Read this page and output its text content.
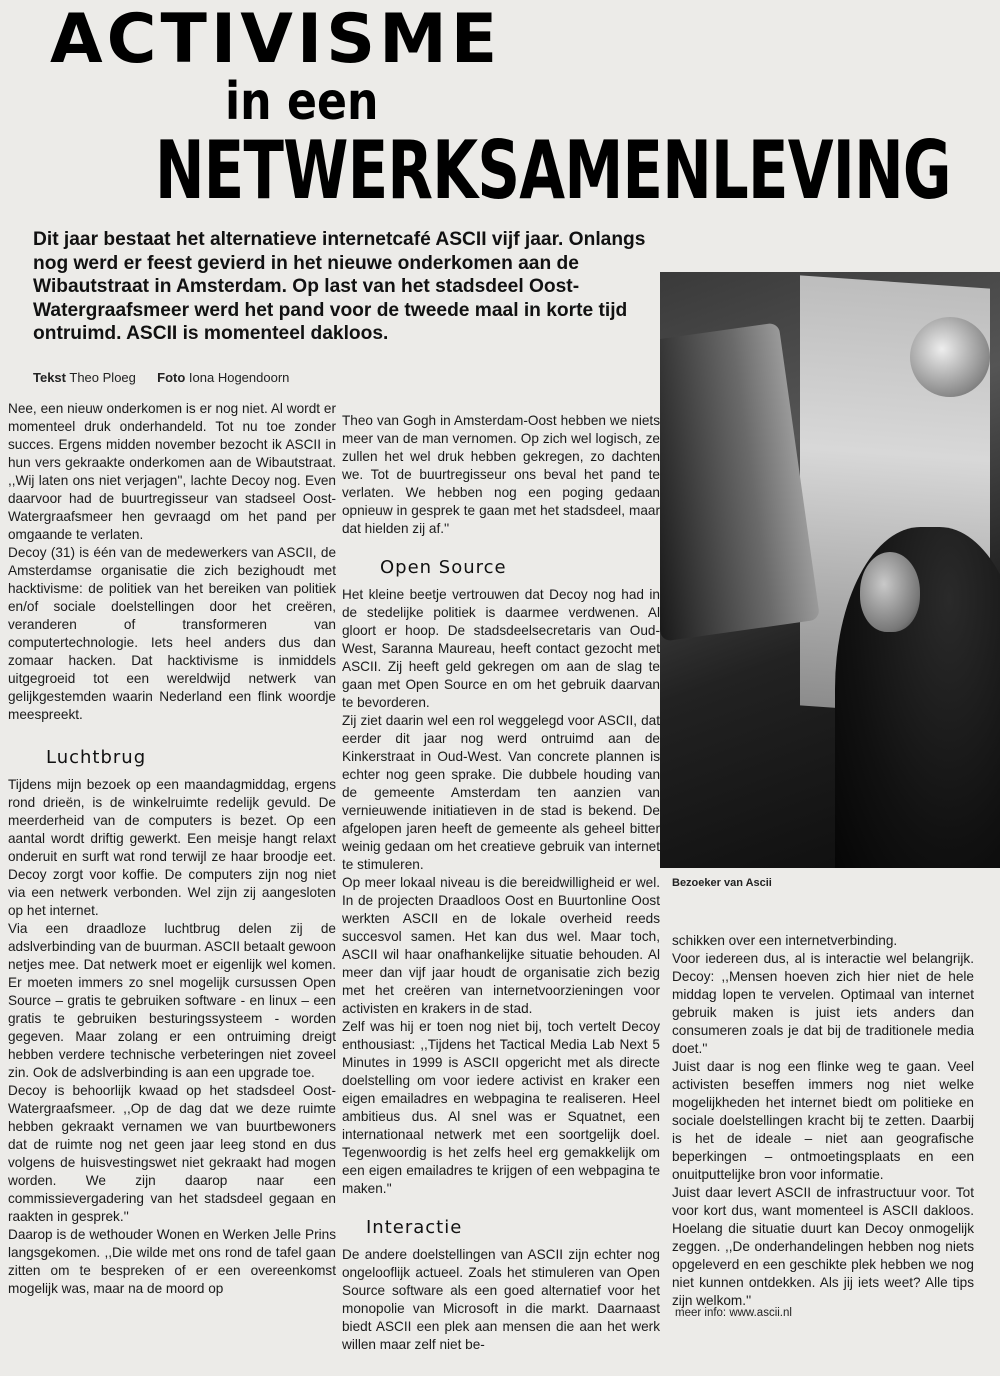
ACTIVISME
in een
NETWERKSAMENLEVING
Dit jaar bestaat het alternatieve internetcafé ASCII vijf jaar. Onlangs nog werd er feest gevierd in het nieuwe onderkomen aan de Wibautstraat in Amsterdam. Op last van het stadsdeel Oost-Watergraafsmeer werd het pand voor de tweede maal in korte tijd ontruimd. ASCII is momenteel dakloos.
Tekst Theo Ploeg Foto Iona Hogendoorn
Bezoeker van Ascii

Nee, een nieuw onderkomen is er nog niet. Al wordt er momenteel druk onderhandeld. Tot nu toe zonder succes. Ergens midden november bezocht ik ASCII in hun vers gekraakte onderkomen aan de Wibautstraat. ,,Wij laten ons niet verjagen'', lachte Decoy nog. Even daarvoor had de buurtregisseur van stadseel Oost-Watergraafsmeer hen gevraagd om het pand per omgaande te verlaten.

Decoy (31) is één van de medewerkers van ASCII, de Amsterdamse organisatie die zich bezighoudt met hacktivisme: de politiek van het bereiken van politiek en/of sociale doelstellingen door het creëren, veranderen of transformeren van computertechnologie. Iets heel anders dus dan zomaar hacken. Dat hacktivisme is inmiddels uitgegroeid tot een wereldwijd netwerk van gelijkgestemden waarin Nederland een flink woordje meespreekt.

Luchtbrug

Tijdens mijn bezoek op een maandagmiddag, ergens rond drieën, is de winkelruimte redelijk gevuld. De meerderheid van de computers is bezet. Op een aantal wordt driftig gewerkt. Een meisje hangt relaxt onderuit en surft wat rond terwijl ze haar broodje eet. Decoy zorgt voor koffie. De computers zijn nog niet via een netwerk verbonden. Wel zijn zij aangesloten op het internet.

Via een draadloze luchtbrug delen zij de adslverbinding van de buurman. ASCII betaalt gewoon netjes mee. Dat netwerk moet er eigenlijk wel komen. Er moeten immers zo snel mogelijk cursussen Open Source – gratis te gebruiken software - en linux – een gratis te gebruiken besturingssysteem - worden gegeven. Maar zolang er een ontruiming dreigt hebben verdere technische verbeteringen niet zoveel zin. Ook de adslverbinding is aan een upgrade toe.

Decoy is behoorlijk kwaad op het stadsdeel Oost-Watergraafsmeer. ,,Op de dag dat we deze ruimte hebben gekraakt vernamen we van buurtbewoners dat de ruimte nog net geen jaar leeg stond en dus volgens de huisvestingswet niet gekraakt had mogen worden. We zijn daarop naar een commissievergadering van het stadsdeel gegaan en raakten in gesprek.''

Daarop is de wethouder Wonen en Werken Jelle Prins langsgekomen. ,,Die wilde met ons rond de tafel gaan zitten om te bespreken of er een overeenkomst mogelijk was, maar na de moord op

Theo van Gogh in Amsterdam-Oost hebben we niets meer van de man vernomen. Op zich wel logisch, ze zullen het wel druk hebben gekregen, zo dachten we. Tot de buurtregisseur ons beval het pand te verlaten. We hebben nog een poging gedaan opnieuw in gesprek te gaan met het stadsdeel, maar dat hielden zij af.''

Open Source

Het kleine beetje vertrouwen dat Decoy nog had in de stedelijke politiek is daarmee verdwenen. Al gloort er hoop. De stadsdeelsecretaris van Oud-West, Saranna Maureau, heeft contact gezocht met ASCII. Zij heeft geld gekregen om aan de slag te gaan met Open Source en om het gebruik daarvan te bevorderen.

Zij ziet daarin wel een rol weggelegd voor ASCII, dat eerder dit jaar nog werd ontruimd aan de Kinkerstraat in Oud-West. Van concrete plannen is echter nog geen sprake. Die dubbele houding van de gemeente Amsterdam ten aanzien van vernieuwende initiatieven in de stad is bekend. De afgelopen jaren heeft de gemeente als geheel bitter weinig gedaan om het creatieve gebruik van internet te stimuleren.

Op meer lokaal niveau is die bereidwilligheid er wel. In de projecten Draadloos Oost en Buurtonline Oost werkten ASCII en de lokale overheid reeds succesvol samen. Het kan dus wel. Maar toch, ASCII wil haar onafhankelijke situatie behouden. Al meer dan vijf jaar houdt de organisatie zich bezig met het creëren van internetvoorzieningen voor activisten en krakers in de stad.

Zelf was hij er toen nog niet bij, toch vertelt Decoy enthousiast: ,,Tijdens het Tactical Media Lab Next 5 Minutes in 1999 is ASCII opgericht met als directe doelstelling om voor iedere activist en kraker een eigen emailadres en webpagina te realiseren. Heel ambitieus dus. Al snel was er Squatnet, een internationaal netwerk met een soortgelijk doel. Tegenwoordig is het zelfs heel erg gemakkelijk om een eigen emailadres te krijgen of een webpagina te maken.''

Interactie

De andere doelstellingen van ASCII zijn echter nog ongelooflijk actueel. Zoals het stimuleren van Open Source software als een goed alternatief voor het monopolie van Microsoft in die markt. Daarnaast biedt ASCII een plek aan mensen die aan het werk willen maar zelf niet be-

schikken over een internetverbinding.

Voor iedereen dus, al is interactie wel belangrijk. Decoy: ,,Mensen hoeven zich hier niet de hele middag lopen te vervelen. Optimaal van internet gebruik maken is juist iets anders dan consumeren zoals je dat bij de traditionele media doet.''

Juist daar is nog een flinke weg te gaan. Veel activisten beseffen immers nog niet welke mogelijkheden het internet biedt om politieke en sociale doelstellingen kracht bij te zetten. Daarbij is het de ideale – niet aan geografische beperkingen – ontmoetingsplaats en een onuitputtelijke bron voor informatie.

Juist daar levert ASCII de infrastructuur voor. Tot voor kort dus, want momenteel is ASCII dakloos. Hoelang die situatie duurt kan Decoy onmogelijk zeggen. ,,De onderhandelingen hebben nog niets opgeleverd en een geschikte plek hebben we nog niet kunnen ontdekken. Als jij iets weet? Alle tips zijn welkom.''

meer info: www.ascii.nl
